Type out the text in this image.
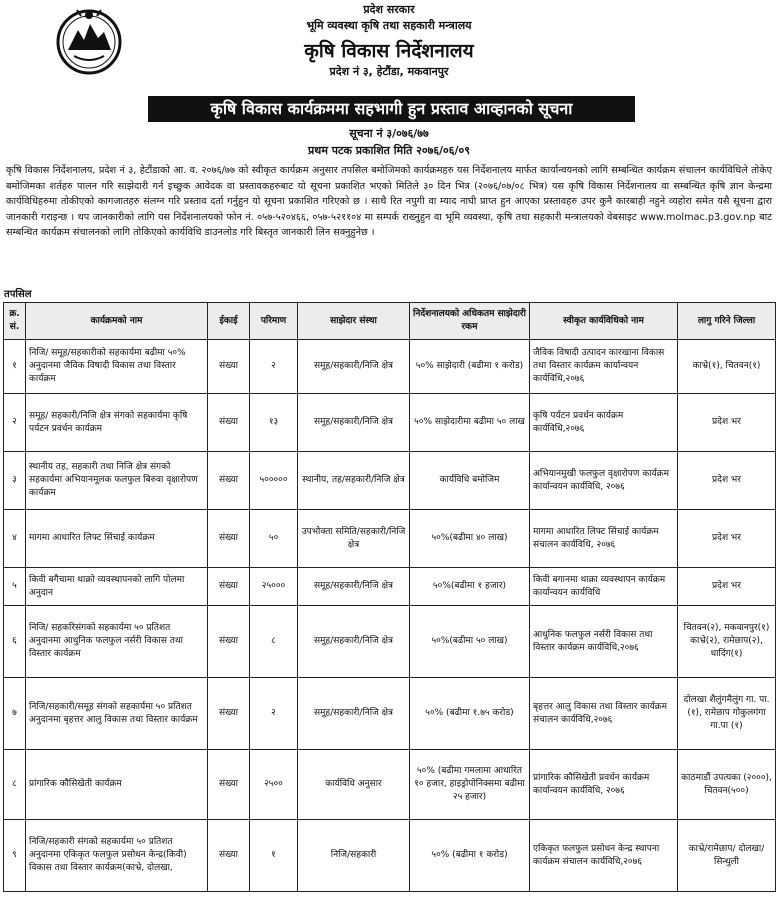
प्रदेश सरकार
भूमि व्यवस्था कृषि तथा सहकारी मन्त्रालय
कृषि विकास निर्देशनालय
प्रदेश नं ३, हेटौंडा, मकवानपुर
कृषि विकास कार्यक्रममा सहभागी हुन प्रस्ताव आव्हानको सूचना
सूचना नं ३/०७६/७७
प्रथम पटक प्रकाशित मिति २०७६/०६/०९
कृषि विकास निर्देशनालय, प्रदेश नं ३, हेटौंडाको आ. व. २०७६/७७ को स्वीकृत कार्यक्रम अनुसार तपसिल बमोजिमको कार्यक्रमहरु यस निर्देशनालय मार्फत कार्यान्वयनको लागि सम्बन्धित कार्यक्रम संचालन कार्यविधिले तोकेए बमोजिमका शर्तहरु पालन गरि साझेदारी गर्न इच्छुक आवेदक वा प्रस्तावकहरुबाट यो सूचना प्रकाशित भएको मितिले ३० दिन भित्र (२०७६/०७/०८ भित्र) यस कृषि विकास निर्देशनालय वा सम्बन्धित कृषि ज्ञान केन्द्रमा कार्यविधिहरुमा तोकीएको कागजातहरु संलग्न गरि प्रस्ताव दर्ता गर्नुहुन यो सूचना प्रकाशित गरिएको छ । साथै रित नपुगी वा म्याद नाघी प्राप्त हुन आएका प्रस्तावहरु उपर कुनै कारबाही नहुने व्यहोरा समेत यसै सूचना द्वारा जानकारी गराइन्छ । थप जानकारीको लागि यस निर्देशनालयको फोन नं. ०५७-५२०४६६, ०५७-५२११०४ मा सम्पर्क राख्नुहुन वा भूमि व्यवस्था, कृषि तथा सहकारी मन्त्रालयको वेबसाइट www.molmac.p3.gov.np बाट सम्बन्धित कार्यक्रम संचालनको लागि तोकिएको कार्यविधि डाउनलोड गरि बिस्तृत जानकारी लिन सक्नुहुनेछ ।
तपसिल
क्र. सं.	कार्यक्रमको नाम	ईकाई	परिमाण	साझेदार संस्था	निर्देशनालयको अधिकतम साझेदारी रकम	स्वीकृत कार्यविधिको नाम	लागु गरिने जिल्ला
१	निजि/ समूह/सहकारीको सहकार्यमा बढीमा ५०% अनुदानमा जैविक विषादी विकास तथा विस्तार कार्यक्रम	संख्या	२	समूह/सहकारी/निजि क्षेत्र	५०% साझेदारी (बढीमा १ करोड)	जैविक विषादी उत्पादन कारखाना विकास तथा विस्तार कार्यक्रम कार्यान्वयन कार्यविधि,२०७६	काभ्रे(१), चितवन(१)
२	समूह/ सहकारी/निजि क्षेत्र संगको सहकार्यमा कृषि पर्यटन प्रवर्धन कार्यक्रम	संख्या	१३	समूह/सहकारी/निजि क्षेत्र	५०% साझेदारीमा बढीमा ५० लाख	कृषि पर्यटन प्रवर्धन कार्यक्रम कार्यविधि,२०७६	प्रदेश भर
३	स्थानीय तह, सहकारी तथा निजि क्षेत्र संगको सहकार्यमा अभियानमूलक फलफुल बिरुवा वृक्षारोपण कार्यक्रम	संख्या	५०००००	स्थानीय, तह/सहकारी/निजि क्षेत्र	कार्यविधि बमोजिम	अभियानमुखी फलफुल वृक्षारोपण कार्यक्रम कार्यान्वयन कार्यविधि, २०७६	प्रदेश भर
४	मागमा आधारित लिफ्ट सिंचाई कार्यक्रम	संख्या	५०	उपभोक्ता समिति/सहकारी/निजि क्षेत्र	५०%(बढीमा ४० लाख)	मागमा आधारित लिफ्ट सिंचाई कार्यक्रम संचालन कार्यविधि, २०७६	प्रदेश भर
५	किवी बगैचामा थाक्रो व्यवस्थापनको लागि पोलमा अनुदान	संख्या	२५०००	समूह/सहकारी/निजि क्षेत्र	५०%(बढीमा १ हजार)	किवी बगानमा थाक्रा व्यवस्थापन कार्यक्रम कार्यान्वयन कार्यविधि	प्रदेश भर
६	निजि/ सहकरिसंगको सहकार्यमा ५० प्रतिशत अनुदानमा आधुनिक फलफुल नर्सरी विकास तथा विस्तार कार्यक्रम	संख्या	८	समूह/सहकारी/निजि क्षेत्र	५०%(बढीमा ५० लाख)	आधुनिक फलफुल नर्सरी विकास तथा विस्तार कार्यक्रम कार्यविधि,२०७६	चितवन(२), मकवानपुर(१) काभ्रे(२), रामेछाप(२), धादिंग(१)
७	निजि/सहकारी/समूह संगको सहकार्यमा ५० प्रतिशत अनुदानमा बृहत्तर आलु विकास तथा विस्तार कार्यक्रम	संख्या	२	समूह/सहकारी/निजि क्षेत्र	५०% (बढीमा १.७५ करोड)	बृहत्तर आलु विकास तथा विस्तार कार्यक्रम संचालन कार्यविधि,२०७६	दोलखा शैलुंगमैलुंग गा. पा.(१), रामेछाप गोकुलगंगा गा.पा (१)
८	प्रांगारिक कौसिखेती कार्यक्रम	संख्या	२५००	कार्यविधि अनुसार	५०% (बढीमा गमलामा आधारित १० हजार, हाइड्रोपोनिक्समा बढीमा २५ हजार)	प्रांगारिक कौसिखेती प्रवर्धन कार्यक्रम कार्यान्वयन कार्यविधि, २०७६	काठमाडौं उपत्यका (२०००), चितवन(५००)
९	निजि/सहकारी संगको सहकार्यमा ५० प्रतिशत अनुदानमा एकिकृत फलफुल प्रसोधन केन्द्र(किवी) विकास तथा विस्तार कार्यक्रम(काभ्रे, दोलखा,	संख्या	१	निजि/सहकारी	५०% (बढीमा १ करोड)	एकिकृत फलफुल प्रसोधन केन्द्र स्थापना कार्यक्रम संचालन कार्यविधि,२०७६	काभ्रे/रामेछाप/ दोलखा/सिन्धुली
